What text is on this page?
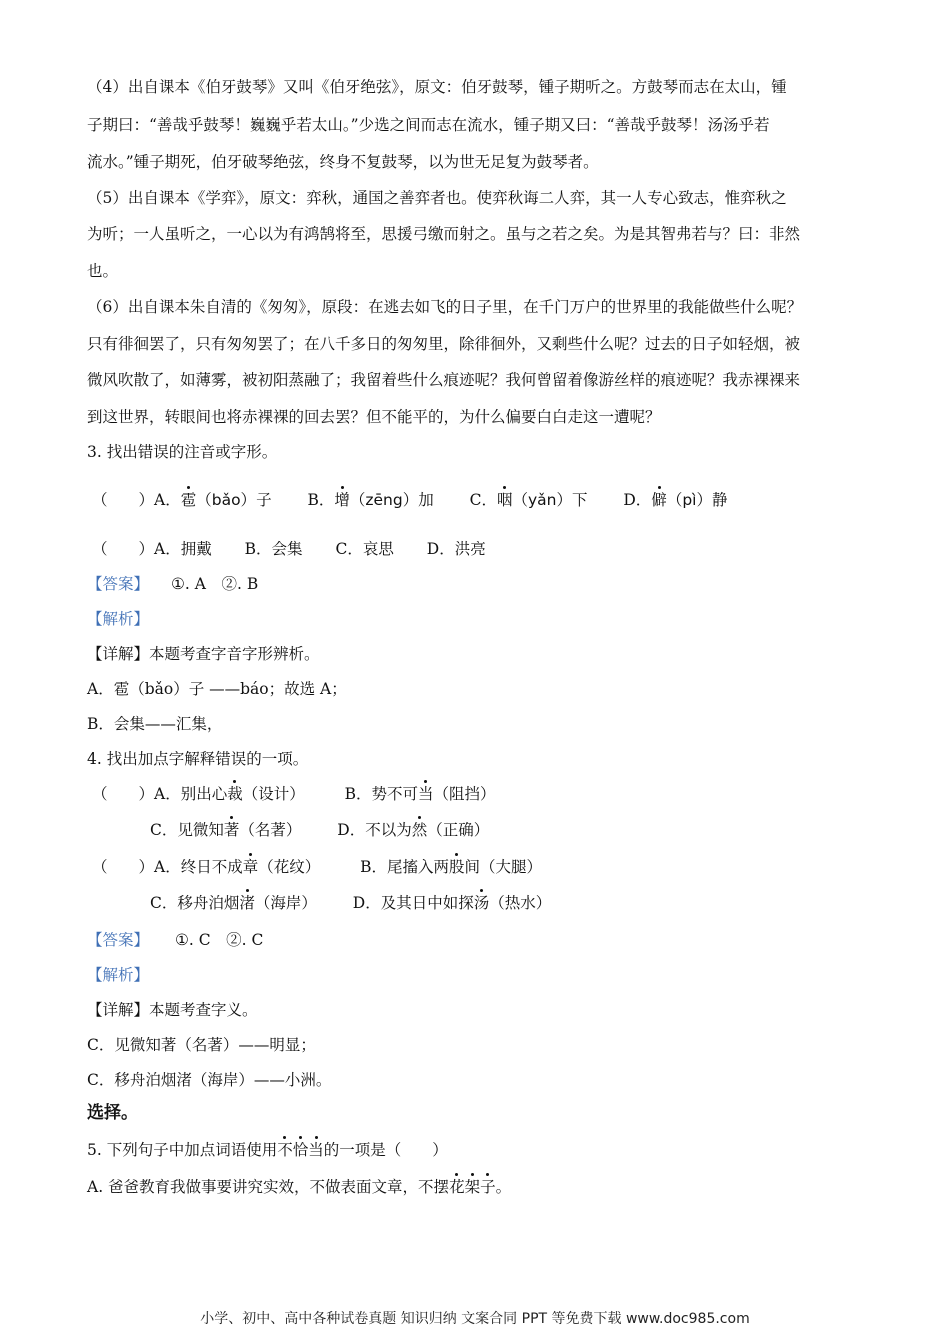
（4）出自课本《伯牙鼓琴》又叫《伯牙绝弦》，原文：伯牙鼓琴，锺子期听之。方鼓琴而志在太山，锺
子期曰：“善哉乎鼓琴！巍巍乎若太山。”少选之间而志在流水，锺子期又曰：“善哉乎鼓琴！汤汤乎若
流水。”锺子期死，伯牙破琴绝弦，终身不复鼓琴，以为世无足复为鼓琴者。
（5）出自课本《学弈》，原文：弈秋，通国之善弈者也。使弈秋诲二人弈，其一人专心致志，惟弈秋之
为听；一人虽听之，一心以为有鸿鹄将至，思援弓缴而射之。虽与之若之矣。为是其智弗若与？曰：非然
也。
（6）出自课本朱自清的《匆匆》，原段：在逃去如飞的日子里，在千门万户的世界里的我能做些什么呢？
只有徘徊罢了，只有匆匆罢了；在八千多日的匆匆里，除徘徊外，又剩些什么呢？过去的日子如轻烟，被
微风吹散了，如薄雾，被初阳蒸融了；我留着些什么痕迹呢？我何曾留着像游丝样的痕迹呢？我赤裸裸来
到这世界，转眼间也将赤裸裸的回去罢？但不能平的，为什么偏要白白走这一遭呢？
3. 找出错误的注音或字形。
（　　）A．雹（bǎo）子 B．增（zēng）加 C．咽（yǎn）下 D．僻（pì）静
（　　）A．拥戴 B．会集 C．哀思 D．洪亮
【答案】 ①. A　②. B
【解析】
【详解】本题考查字音字形辨析。
A．雹（bǎo）子 ——báo；故选 A；
B．会集——汇集，
4. 找出加点字解释错误的一项。
（　　）A．别出心裁（设计）	B．势不可当（阻挡）
C．见微知著（名著） D．不以为然（正确）
（　　）A．终日不成章（花纹）	B．尾搐入两股间（大腿）
C．移舟泊烟渚（海岸） D．及其日中如探汤（热水）
【答案】 ①. C　②. C
【解析】
【详解】本题考查字义。
C．见微知著（名著）——明显；
C．移舟泊烟渚（海岸）——小洲。
选择。
5. 下列句子中加点词语使用不恰当的一项是（　　）
A. 爸爸教育我做事要讲究实效，不做表面文章，不摆花架子。
小学、初中、高中各种试卷真题 知识归纳 文案合同 PPT 等免费下载 www.doc985.com
